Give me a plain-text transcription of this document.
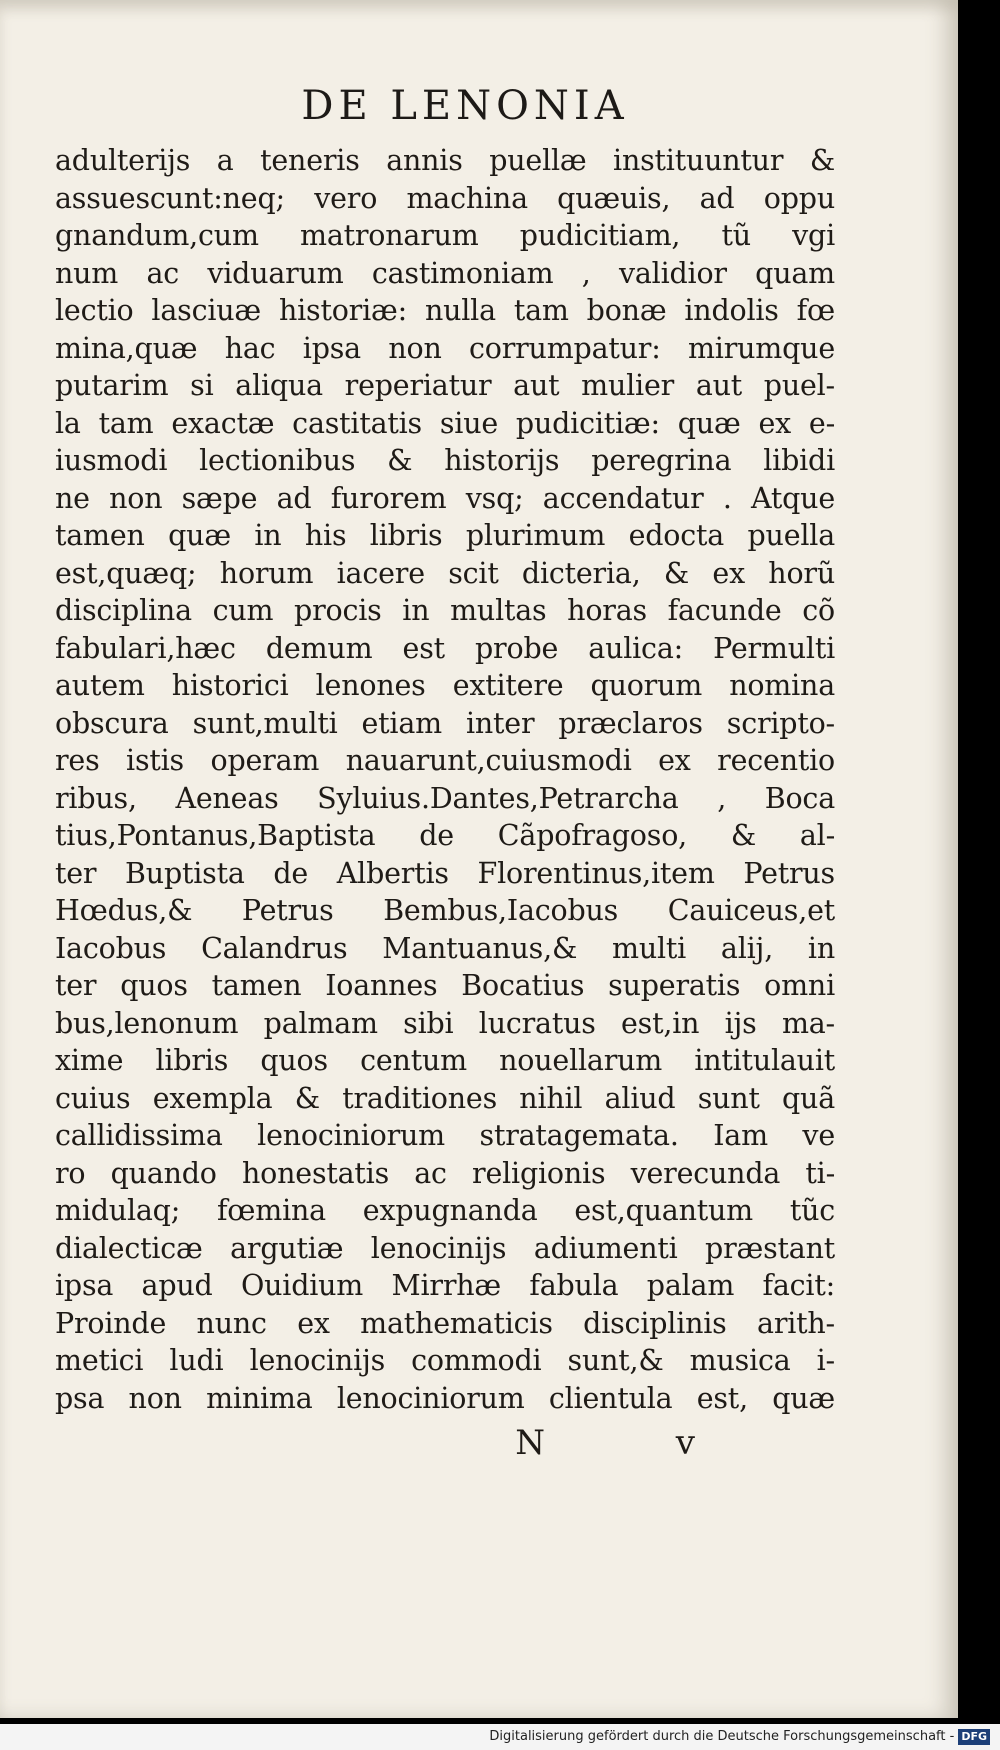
DE LENONIA
adulterijs a teneris annis puellæ instituuntur &
assuescunt:neq; vero machina quæuis, ad oppu
gnandum,cum matronarum pudicitiam, tũ vgi
num ac viduarum castimoniam , validior quam
lectio lasciuæ historiæ: nulla tam bonæ indolis fœ
mina,quæ hac ipsa non corrumpatur: mirumque
putarim si aliqua reperiatur aut mulier aut puel-
la tam exactæ castitatis siue pudicitiæ: quæ ex e-
iusmodi lectionibus & historijs peregrina libidi
ne non sæpe ad furorem vsq; accendatur . Atque
tamen quæ in his libris plurimum edocta puella
est,quæq; horum iacere scit dicteria, & ex horũ
disciplina cum procis in multas horas facunde cõ
fabulari,hæc demum est probe aulica: Permulti
autem historici lenones extitere quorum nomina
obscura sunt,multi etiam inter præclaros scripto-
res istis operam nauarunt,cuiusmodi ex recentio
ribus, Aeneas Syluius.Dantes,Petrarcha , Boca
tius,Pontanus,Baptista de Cãpofragoso, & al-
ter Buptista de Albertis Florentinus,item Petrus
Hœdus,& Petrus Bembus,Iacobus Cauiceus,et
Iacobus Calandrus Mantuanus,& multi alij, in
ter quos tamen Ioannes Bocatius superatis omni
bus,lenonum palmam sibi lucratus est,in ijs ma-
xime libris quos centum nouellarum intitulauit
cuius exempla & traditiones nihil aliud sunt quã
callidissima lenociniorum stratagemata. Iam ve
ro quando honestatis ac religionis verecunda ti-
midulaq; fœmina expugnanda est,quantum tũc
dialecticæ argutiæ lenocinijs adiumenti præstant
ipsa apud Ouidium Mirrhæ fabula palam facit:
Proinde nunc ex mathematicis disciplinis arith-
metici ludi lenocinijs commodi sunt,& musica i-
psa non minima lenociniorum clientula est, quæ
N v
Digitalisierung gefördert durch die Deutsche Forschungsgemeinschaft - DFG
